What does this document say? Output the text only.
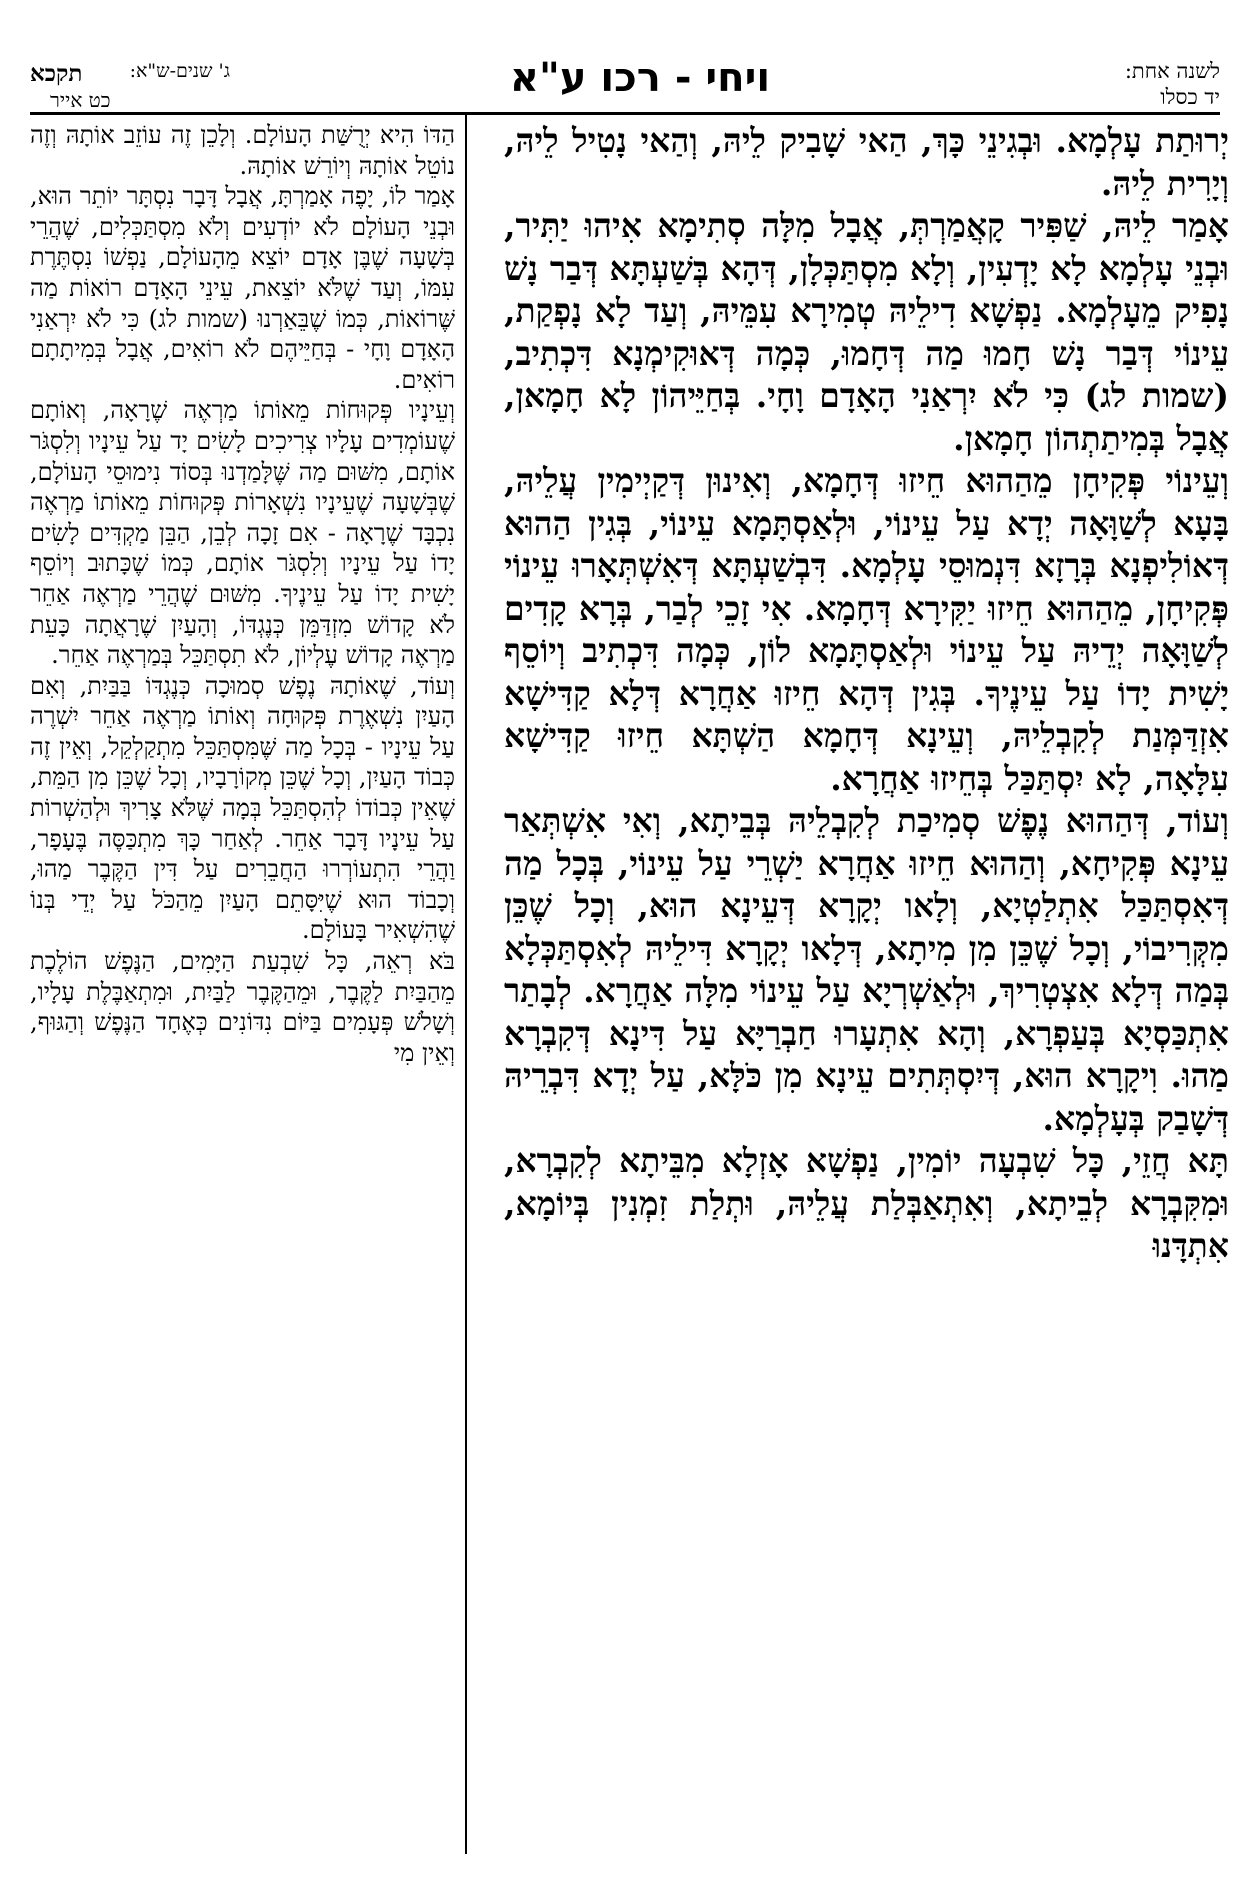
לשנה אחת:
יד כסלו
ויחי - רכו ע"א
תקכא ג' שנים-ש"א:
כט אייר

יְרוּתַת עָלְמָא. וּבְגִינֵי כָּךְ, הַאי שָׁבִיק לֵיהּ, וְהַאי נָטִיל לֵיהּ, וְיָרִית לֵיהּ.

אָמַר לֵיהּ, שַׁפִּיר קָאֲמַרְתְּ, אֲבָל מִלָּה סְתִימָא אִיהוּ יַתִּיר, וּבְנֵי עָלְמָא לָא יָדְעִין, וְלָא מִסְתַּכְּלָן, דְּהָא בְּשַׁעְתָּא דְּבַר נָשׁ נָפִיק מֵעָלְמָא. נַפְשָׁא דִילֵיהּ טְמִירָא עִמֵּיהּ, וְעַד לָא נָפְקַת, עֵינוֹי דְּבַר נָשׁ חָמוּ מַה דְּחָמוּ, כְּמָה דְּאוּקִימְנָא דִּכְתִיב, (שמות לג) כִּי לֹא יִרְאַנִי הָאָדָם וָחָי. בְּחַיֵּיהוֹן לָא חָמָאן, אֲבָל בְּמִיתַתְהוֹן חָמָאן.

וְעֵינוֹי פְּקִיחָן מֵהַהוּא חֵיזוּ דְּחָמָא, וְאִינוּן דְּקַיְימִין עֲלֵיהּ, בָּעָא לְשַׁוָּאָה יְדָא עַל עֵינוֹי, וּלְאַסְתָּמָא עֵינוֹי, בְּגִין הַהוּא דְּאוֹלִיפְנָא בְּרָזָא דִּנְמוּסֵי עָלְמָא. דִּבְשַׁעְתָּא דְּאִשְׁתְּאָרוּ עֵינוֹי פְּקִיחָן, מֵהַהוּא חֵיזוּ יַקִּירָא דְּחָמָא. אִי זָכֵי לְבַר, בְּרָא קָדִים לְשַׁוָּאָה יְדֵיהּ עַל עֵינוֹי וּלְאַסְתָּמָא לוֹן, כְּמָה דִּכְתִיב וְיוֹסֵף יָשִׁית יָדוֹ עַל עֵינֶיךָ. בְּגִין דְּהָא חֵיזוּ אַחֲרָא דְּלָא קַדִּישָׁא אִזְדַּמְּנַת לְקִבְלֵיהּ, וְעֵינָא דְּחָמָא הַשְׁתָּא חֵיזוּ קַדִּישָׁא עִלָּאָה, לָא יִסְתַּכַּל בְּחֵיזוּ אַחֲרָא.

וְעוֹד, דְּהַהוּא נֶפֶשׁ סְמִיכַת לְקִבְלֵיהּ בְּבֵיתָא, וְאִי אִשְׁתְּאַר עֵינָא פְּקִיחָא, וְהַהוּא חֵיזוּ אַחֲרָא יַשְׁרֵי עַל עֵינוֹי, בְּכָל מַה דְּאִסְתַּכַּל אִתְלַטְיָא, וְלָאו יְקָרָא דְּעֵינָא הוּא, וְכָל שֶׁכֵּן מִקְּרִיבוֹי, וְכָל שֶׁכֵּן מִן מִיתָא, דְּלָאו יְקָרָא דִּילֵיהּ לְאִסְתַּכְּלָא בְּמַה דְּלָא אִצְטְרִיךְ, וּלְאַשְׁרְיָא עַל עֵינוֹי מִלָּה אַחֲרָא. לְבָתַר אִתְכַּסְיָא בְּעַפְרָא, וְהָא אִתְעָרוּ חַבְרַיָּא עַל דִּינָא דְּקִבְרָא מַהוּ. וִיקָרָא הוּא, דְּיִסְתְּתִים עֵינָא מִן כֹּלָּא, עַל יְדָא דִּבְרֵיהּ דְּשָׁבַק בְּעָלְמָא.

תָּא חֲזֵי, כָּל שִׁבְעָה יוֹמִין, נַפְשָׁא אָזְלָא מִבֵּיתָא לְקִבְרָא, וּמִקִּבְרָא לְבֵיתָא, וְאִתְאַבְּלַת עֲלֵיהּ, וּתְלַת זִמְנִין בְּיוֹמָא, אִתְדָּנוּ

הַדּוֹ הִיא יְרֻשַּׁת הָעוֹלָם. וְלָכֵן זֶה עוֹזֵב אוֹתָהּ וְזֶה נוֹטֵל אוֹתָהּ וְיוֹרֵשׁ אוֹתָהּ.

אָמַר לוֹ, יָפֶה אָמַרְתָּ, אֲבָל דָּבָר נִסְתָּר יוֹתֵר הוּא, וּבְנֵי הָעוֹלָם לֹא יוֹדְעִים וְלֹא מִסְתַּכְּלִים, שֶׁהֲרֵי בְּשָׁעָה שֶׁבֶּן אָדָם יוֹצֵא מֵהָעוֹלָם, נַפְשׁוֹ נִסְתֶּרֶת עִמּוֹ, וְעַד שֶׁלֹּא יוֹצֵאת, עֵינֵי הָאָדָם רוֹאוֹת מַה שֶּׁרוֹאוֹת, כְּמוֹ שֶׁבֵּאַרְנוּ (שמות לג) כִּי לֹא יִרְאַנִי הָאָדָם וָחָי - בְּחַיֵּיהֶם לֹא רוֹאִים, אֲבָל בְּמִיתָתָם רוֹאִים.

וְעֵינָיו פְּקוּחוֹת מֵאוֹתוֹ מַרְאֶה שֶׁרָאָה, וְאוֹתָם שֶׁעוֹמְדִים עָלָיו צְרִיכִים לָשִׂים יָד עַל עֵינָיו וְלִסְגֹּר אוֹתָם, מִשּׁוּם מַה שֶּׁלָּמַדְנוּ בְּסוֹד נִימוּסֵי הָעוֹלָם, שֶׁבְּשָׁעָה שֶׁעֵינָיו נִשְׁאָרוֹת פְּקוּחוֹת מֵאוֹתוֹ מַרְאֶה נִכְבָּד שֶׁרָאָה - אִם זָכָה לְבֵן, הַבֵּן מַקְדִּים לָשִׂים יָדוֹ עַל עֵינָיו וְלִסְגֹּר אוֹתָם, כְּמוֹ שֶׁכָּתוּב וְיוֹסֵף יָשִׁית יָדוֹ עַל עֵינֶיךָ. מִשּׁוּם שֶׁהֲרֵי מַרְאֶה אַחֵר לֹא קָדוֹשׁ מִזְדַּמֵּן כְּנֶגְדּוֹ, וְהָעַיִן שֶׁרָאֲתָה כָּעֵת מַרְאֶה קָדוֹשׁ עֶלְיוֹן, לֹא תִסְתַּכֵּל בְּמַרְאֶה אַחֵר.

וְעוֹד, שֶׁאוֹתָהּ נֶפֶשׁ סְמוּכָה כְּנֶגְדּוֹ בַּבַּיִת, וְאִם הָעַיִן נִשְׁאֶרֶת פְּקוּחָה וְאוֹתוֹ מַרְאֶה אַחֵר יִשְׁרֶה עַל עֵינָיו - בְּכָל מַה שֶּׁמִּסְתַּכֵּל מִתְקַלְקֵל, וְאֵין זֶה כְּבוֹד הָעַיִן, וְכָל שֶׁכֵּן מְקוֹרָבָיו, וְכָל שֶׁכֵּן מִן הַמֵּת, שֶׁאֵין כְּבוֹדוֹ לְהִסְתַּכֵּל בְּמָה שֶּׁלֹּא צָרִיךְ וּלְהַשְׁרוֹת עַל עֵינָיו דָּבָר אַחֵר. לְאַחַר כָּךְ מִתְכַּסֶּה בֶּעָפָר, וַהֲרֵי הִתְעוֹרְרוּ הַחֲבֵרִים עַל דִּין הַקֶּבֶר מַהוּ, וְכָבוֹד הוּא שֶׁיִּסָּתֵם הָעַיִן מֵהַכֹּל עַל יְדֵי בְּנוֹ שֶׁהִשְׁאִיר בָּעוֹלָם.

בֹּא רְאֵה, כָּל שִׁבְעַת הַיָּמִים, הַנֶּפֶשׁ הוֹלֶכֶת מֵהַבַּיִת לַקֶּבֶר, וּמֵהַקֶּבֶר לַבַּיִת, וּמִתְאַבֶּלֶת עָלָיו, וְשָׁלֹשׁ פְּעָמִים בַּיּוֹם נִדּוֹנִים כְּאֶחָד הַנֶּפֶשׁ וְהַגּוּף, וְאֵין מִי
